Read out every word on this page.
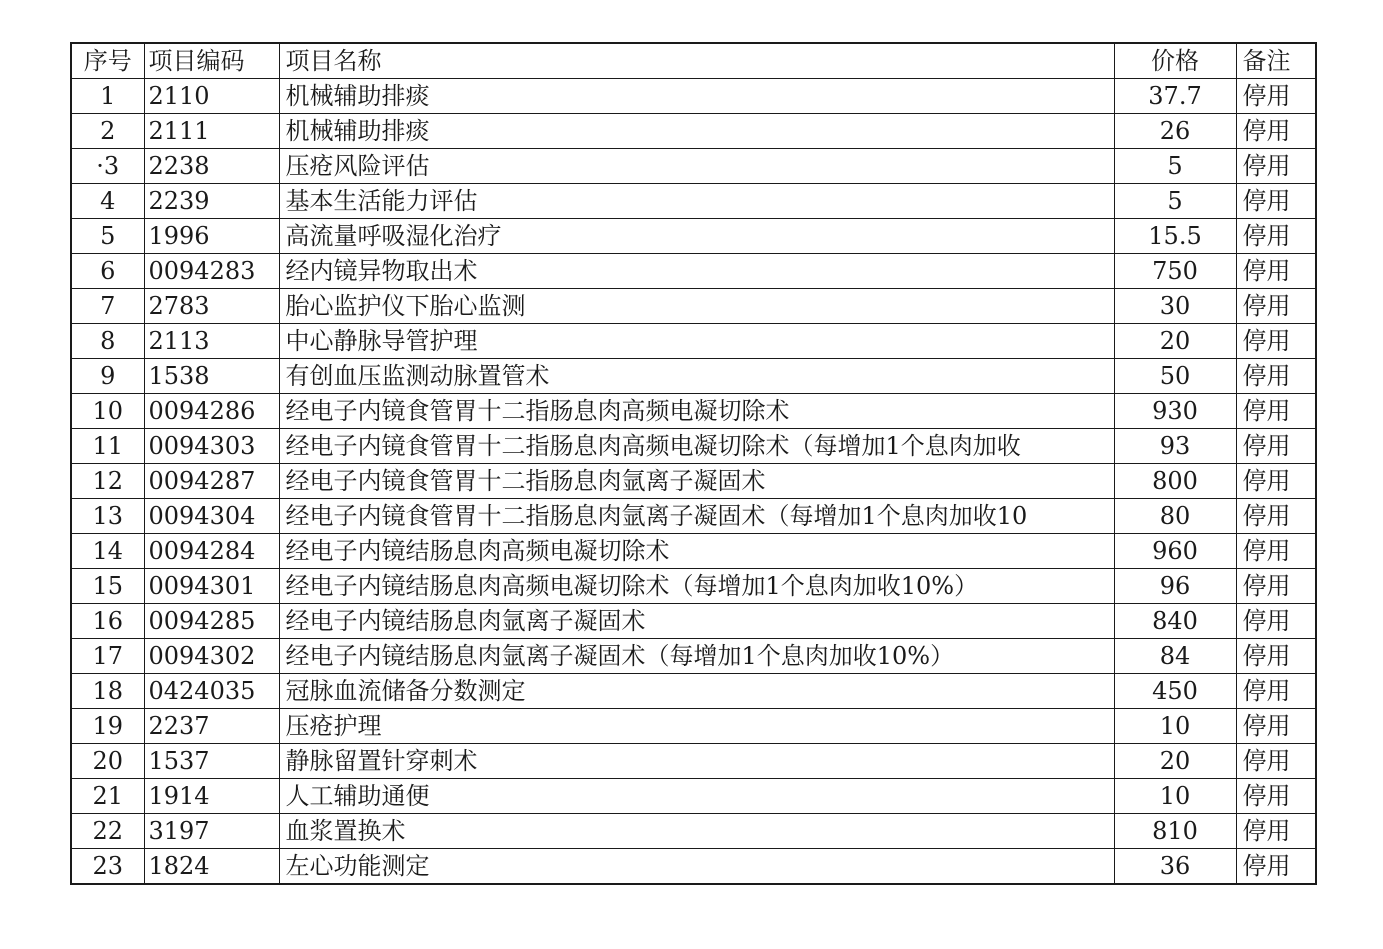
序号	项目编码	项目名称	价格	备注
1	2110	机械辅助排痰	37.7	停用
2	2111	机械辅助排痰	26	停用
·3	2238	压疮风险评估	5	停用
4	2239	基本生活能力评估	5	停用
5	1996	高流量呼吸湿化治疗	15.5	停用
6	0094283	经内镜异物取出术	750	停用
7	2783	胎心监护仪下胎心监测	30	停用
8	2113	中心静脉导管护理	20	停用
9	1538	有创血压监测动脉置管术	50	停用
10	0094286	经电子内镜食管胃十二指肠息肉高频电凝切除术	930	停用
11	0094303	经电子内镜食管胃十二指肠息肉高频电凝切除术（每增加1个息肉加收	93	停用
12	0094287	经电子内镜食管胃十二指肠息肉氩离子凝固术	800	停用
13	0094304	经电子内镜食管胃十二指肠息肉氩离子凝固术（每增加1个息肉加收10	80	停用
14	0094284	经电子内镜结肠息肉高频电凝切除术	960	停用
15	0094301	经电子内镜结肠息肉高频电凝切除术（每增加1个息肉加收10%）	96	停用
16	0094285	经电子内镜结肠息肉氩离子凝固术	840	停用
17	0094302	经电子内镜结肠息肉氩离子凝固术（每增加1个息肉加收10%）	84	停用
18	0424035	冠脉血流储备分数测定	450	停用
19	2237	压疮护理	10	停用
20	1537	静脉留置针穿刺术	20	停用
21	1914	人工辅助通便	10	停用
22	3197	血浆置换术	810	停用
23	1824	左心功能测定	36	停用
